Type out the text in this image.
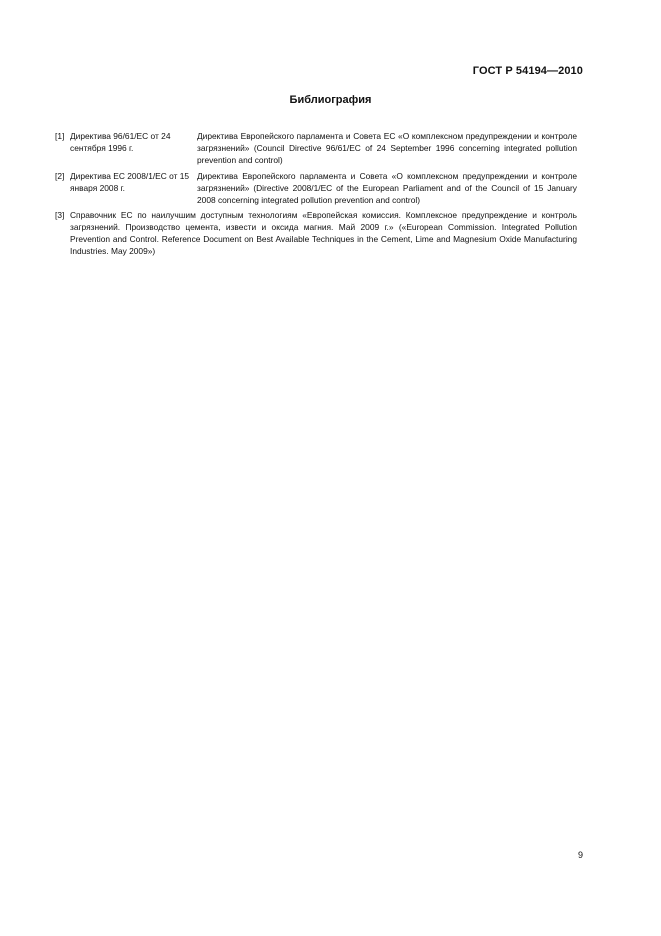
ГОСТ Р 54194—2010
Библиография
[1] Директива 96/61/EC от 24 сентября 1996 г.
Директива Европейского парламента и Совета ЕС «О комплексном предупреждении и контроле загрязнений» (Council Directive 96/61/EC of 24 September 1996 concerning integrated pollution prevention and control)
[2] Директива ЕС 2008/1/ЕС от 15 января 2008 г.
Директива Европейского парламента и Совета «О комплексном предупреждении и контроле загрязнений» (Directive 2008/1/EC of the European Parliament and of the Council of 15 January 2008 concerning integrated pollution prevention and control)
[3] Справочник ЕС по наилучшим доступным технологиям «Европейская комиссия. Комплексное предупреждение и контроль загрязнений. Производство цемента, извести и оксида магния. Май 2009 г.» («European Commission. Integrated Pollution Prevention and Control. Reference Document on Best Available Techniques in the Cement, Lime and Magnesium Oxide Manufacturing Industries. May 2009»)
9
